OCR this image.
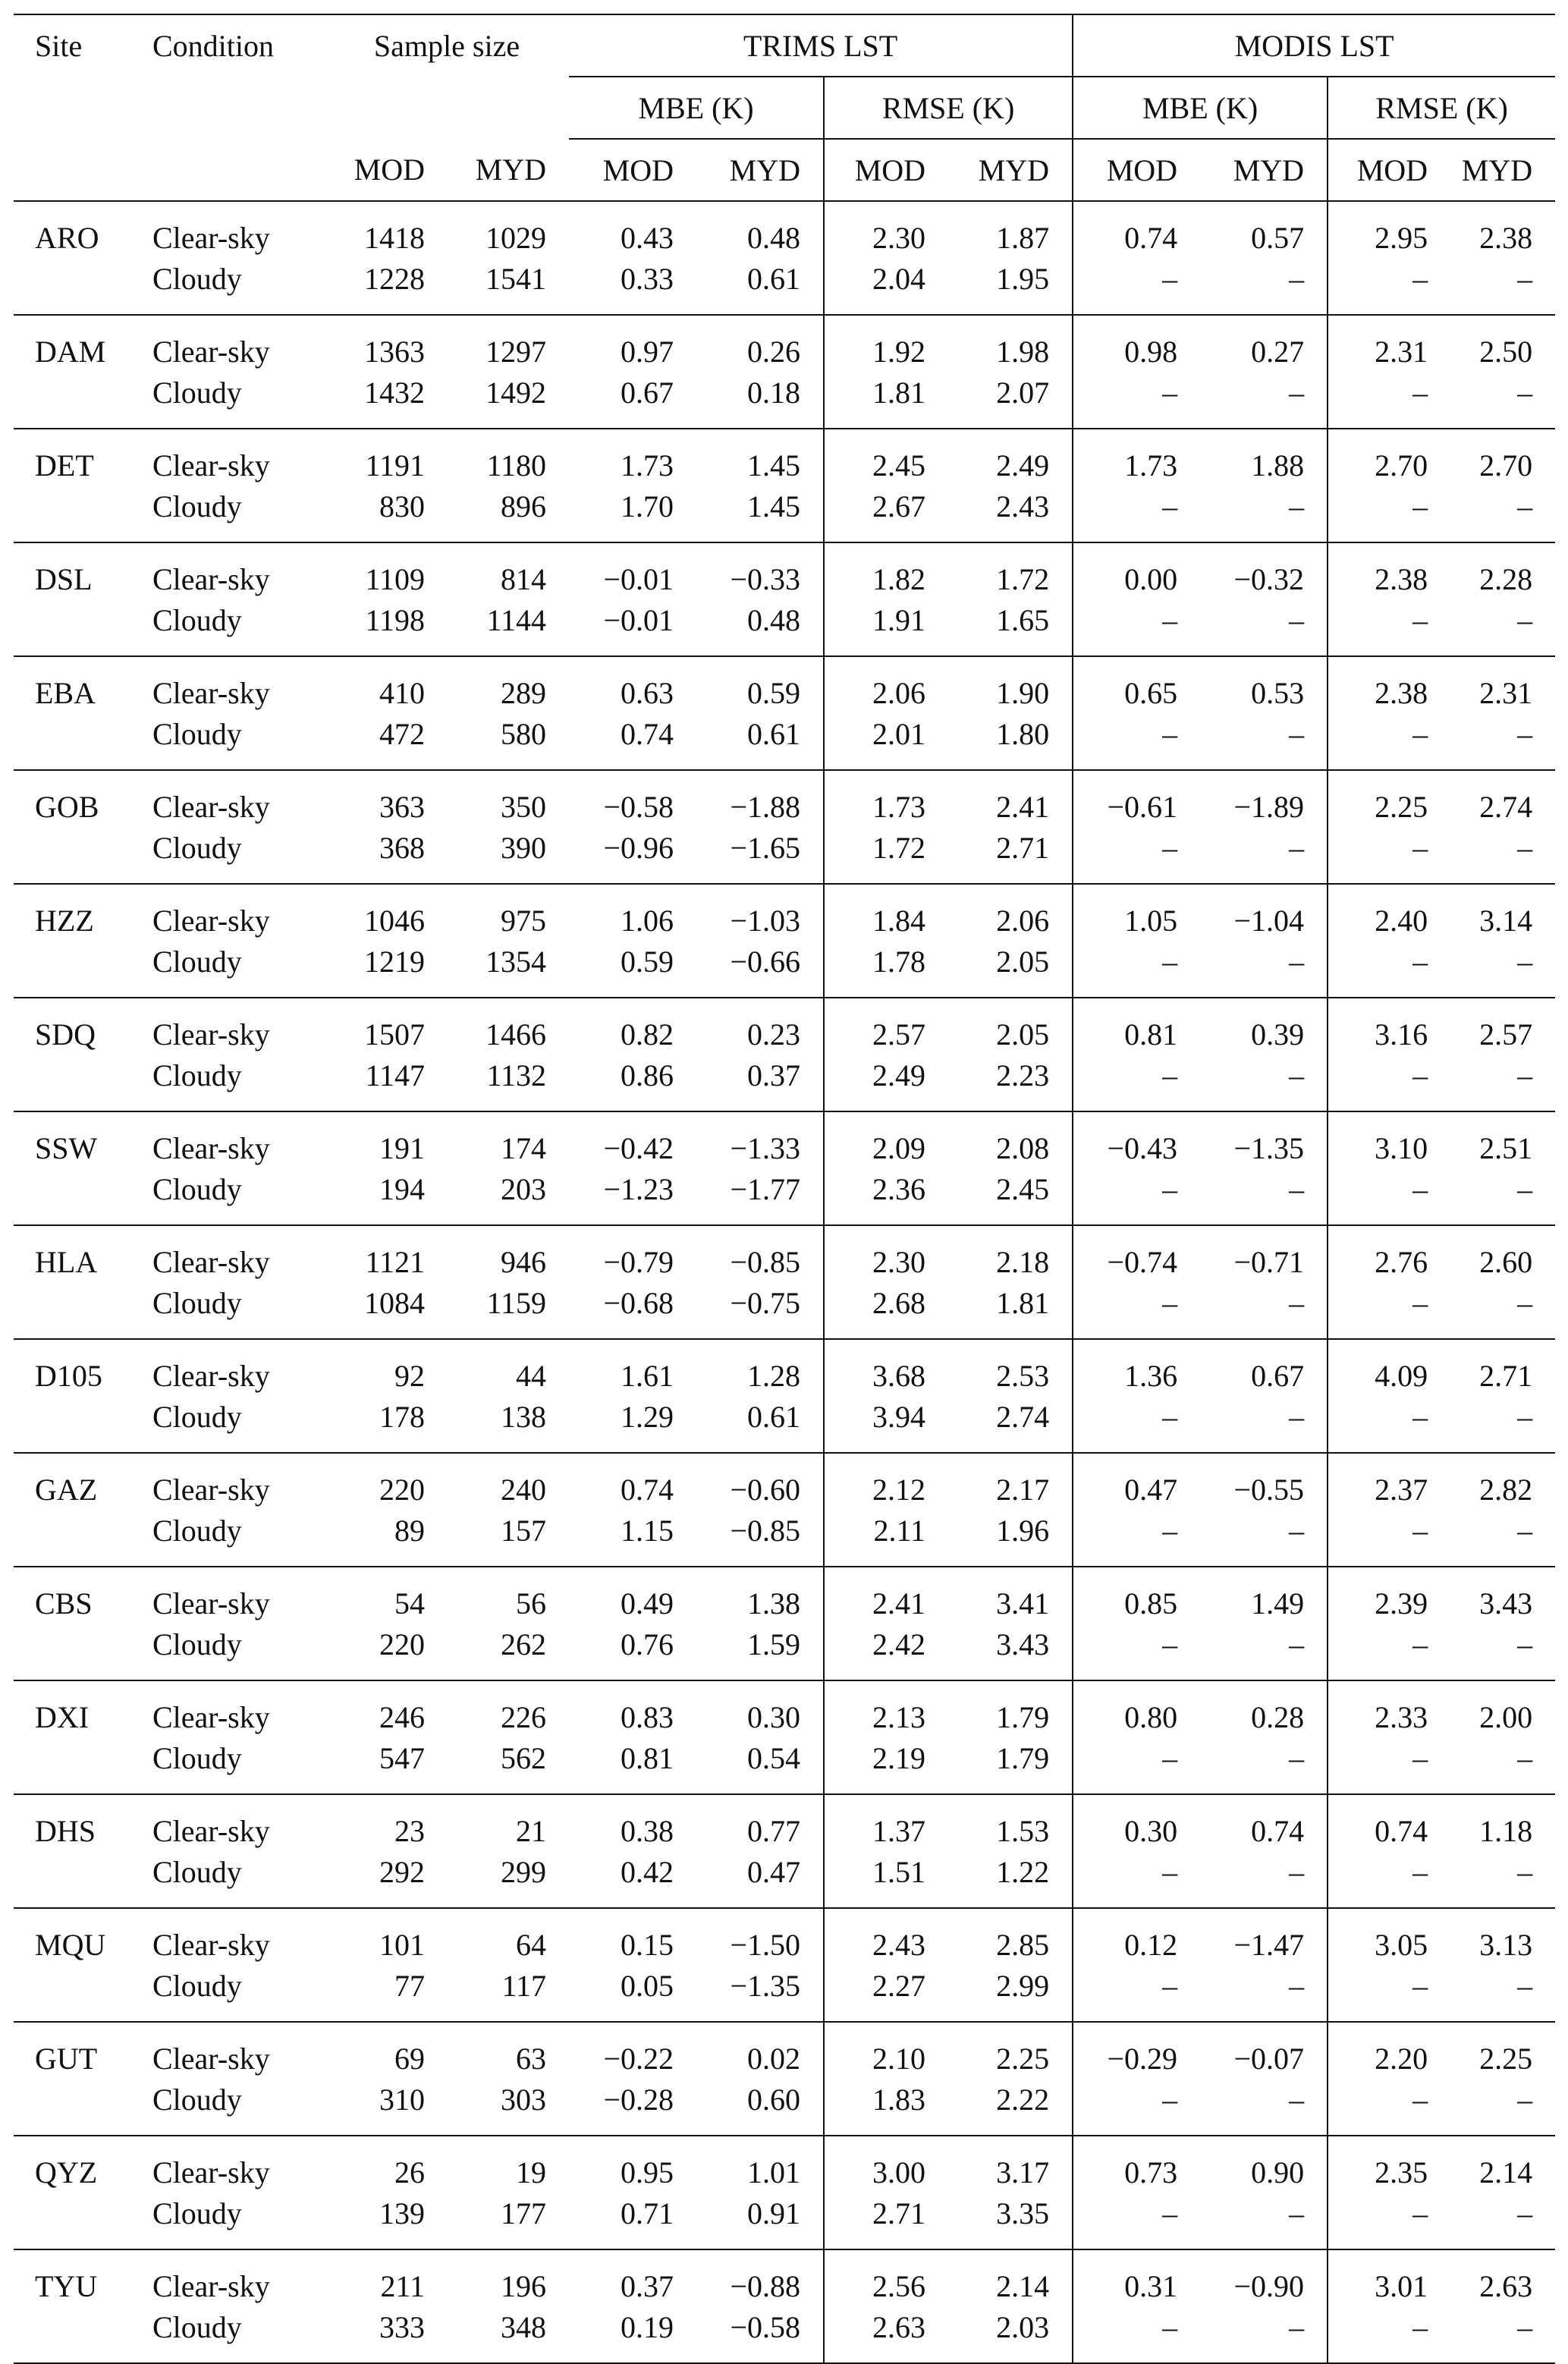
Site	Condition	Sample size		TRIMS LST				MODIS LST			
				MBE (K)		RMSE (K)		MBE (K)		RMSE (K)	
		MOD	MYD	MOD	MYD	MOD	MYD	MOD	MYD	MOD	MYD

ARO	Clear-sky	1418	1029	0.43	0.48	2.30	1.87	0.74	0.57	2.95	2.38
	Cloudy	1228	1541	0.33	0.61	2.04	1.95	–	–	–	–

DAM	Clear-sky	1363	1297	0.97	0.26	1.92	1.98	0.98	0.27	2.31	2.50
	Cloudy	1432	1492	0.67	0.18	1.81	2.07	–	–	–	–

DET	Clear-sky	1191	1180	1.73	1.45	2.45	2.49	1.73	1.88	2.70	2.70
	Cloudy	830	896	1.70	1.45	2.67	2.43	–	–	–	–

DSL	Clear-sky	1109	814	−0.01	−0.33	1.82	1.72	0.00	−0.32	2.38	2.28
	Cloudy	1198	1144	−0.01	0.48	1.91	1.65	–	–	–	–

EBA	Clear-sky	410	289	0.63	0.59	2.06	1.90	0.65	0.53	2.38	2.31
	Cloudy	472	580	0.74	0.61	2.01	1.80	–	–	–	–

GOB	Clear-sky	363	350	−0.58	−1.88	1.73	2.41	−0.61	−1.89	2.25	2.74
	Cloudy	368	390	−0.96	−1.65	1.72	2.71	–	–	–	–

HZZ	Clear-sky	1046	975	1.06	−1.03	1.84	2.06	1.05	−1.04	2.40	3.14
	Cloudy	1219	1354	0.59	−0.66	1.78	2.05	–	–	–	–

SDQ	Clear-sky	1507	1466	0.82	0.23	2.57	2.05	0.81	0.39	3.16	2.57
	Cloudy	1147	1132	0.86	0.37	2.49	2.23	–	–	–	–

SSW	Clear-sky	191	174	−0.42	−1.33	2.09	2.08	−0.43	−1.35	3.10	2.51
	Cloudy	194	203	−1.23	−1.77	2.36	2.45	–	–	–	–

HLA	Clear-sky	1121	946	−0.79	−0.85	2.30	2.18	−0.74	−0.71	2.76	2.60
	Cloudy	1084	1159	−0.68	−0.75	2.68	1.81	–	–	–	–

D105	Clear-sky	92	44	1.61	1.28	3.68	2.53	1.36	0.67	4.09	2.71
	Cloudy	178	138	1.29	0.61	3.94	2.74	–	–	–	–

GAZ	Clear-sky	220	240	0.74	−0.60	2.12	2.17	0.47	−0.55	2.37	2.82
	Cloudy	89	157	1.15	−0.85	2.11	1.96	–	–	–	–

CBS	Clear-sky	54	56	0.49	1.38	2.41	3.41	0.85	1.49	2.39	3.43
	Cloudy	220	262	0.76	1.59	2.42	3.43	–	–	–	–

DXI	Clear-sky	246	226	0.83	0.30	2.13	1.79	0.80	0.28	2.33	2.00
	Cloudy	547	562	0.81	0.54	2.19	1.79	–	–	–	–

DHS	Clear-sky	23	21	0.38	0.77	1.37	1.53	0.30	0.74	0.74	1.18
	Cloudy	292	299	0.42	0.47	1.51	1.22	–	–	–	–

MQU	Clear-sky	101	64	0.15	−1.50	2.43	2.85	0.12	−1.47	3.05	3.13
	Cloudy	77	117	0.05	−1.35	2.27	2.99	–	–	–	–

GUT	Clear-sky	69	63	−0.22	0.02	2.10	2.25	−0.29	−0.07	2.20	2.25
	Cloudy	310	303	−0.28	0.60	1.83	2.22	–	–	–	–

QYZ	Clear-sky	26	19	0.95	1.01	3.00	3.17	0.73	0.90	2.35	2.14
	Cloudy	139	177	0.71	0.91	2.71	3.35	–	–	–	–

TYU	Clear-sky	211	196	0.37	−0.88	2.56	2.14	0.31	−0.90	3.01	2.63
	Cloudy	333	348	0.19	−0.58	2.63	2.03	–	–	–	–
